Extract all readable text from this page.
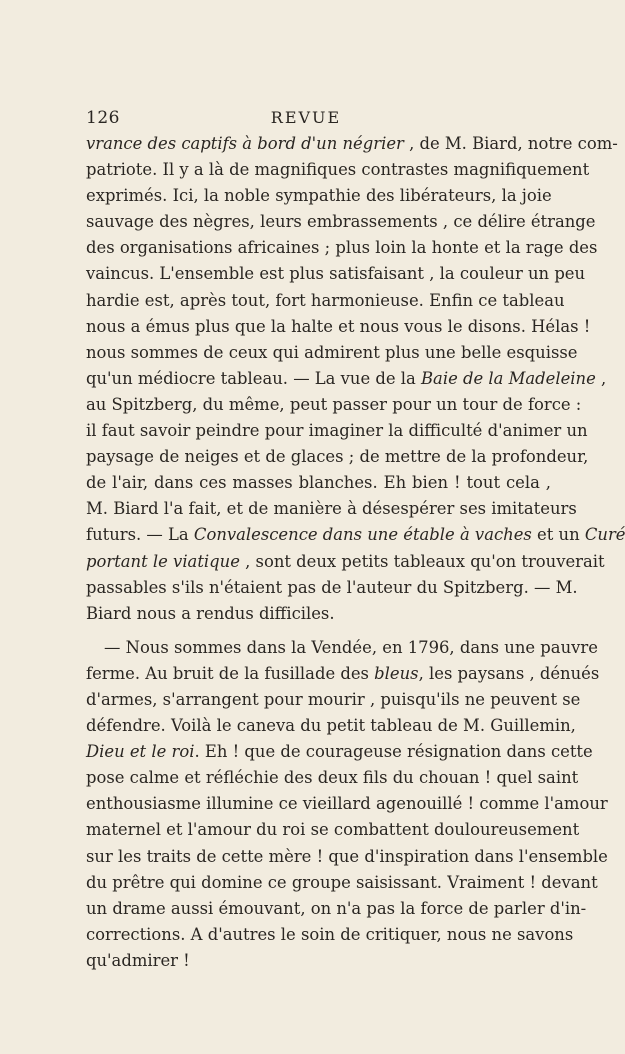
126	REVUE
vrance des captifs à bord d'un négrier , de M. Biard, notre com-
patriote. Il y a là de magnifiques contrastes magnifiquement
exprimés. Ici, la noble sympathie des libérateurs, la joie
sauvage des nègres, leurs embrassements , ce délire étrange
des organisations africaines ; plus loin la honte et la rage des
vaincus. L'ensemble est plus satisfaisant , la couleur un peu
hardie est, après tout, fort harmonieuse. Enfin ce tableau
nous a émus plus que la halte et nous vous le disons. Hélas !
nous sommes de ceux qui admirent plus une belle esquisse
qu'un médiocre tableau. — La vue de la Baie de la Madeleine ,
au Spitzberg, du même, peut passer pour un tour de force :
il faut savoir peindre pour imaginer la difficulté d'animer un
paysage de neiges et de glaces ; de mettre de la profondeur,
de l'air, dans ces masses blanches. Eh bien ! tout cela ,
M. Biard l'a fait, et de manière à désespérer ses imitateurs
futurs. — La Convalescence dans une étable à vaches et un Curé
portant le viatique , sont deux petits tableaux qu'on trouverait
passables s'ils n'étaient pas de l'auteur du Spitzberg. — M.
Biard nous a rendus difficiles.
— Nous sommes dans la Vendée, en 1796, dans une pauvre
ferme. Au bruit de la fusillade des bleus, les paysans , dénués
d'armes, s'arrangent pour mourir , puisqu'ils ne peuvent se
défendre. Voilà le caneva du petit tableau de M. Guillemin,
Dieu et le roi. Eh ! que de courageuse résignation dans cette
pose calme et réfléchie des deux fils du chouan ! quel saint
enthousiasme illumine ce vieillard agenouillé ! comme l'amour
maternel et l'amour du roi se combattent douloureusement
sur les traits de cette mère ! que d'inspiration dans l'ensemble
du prêtre qui domine ce groupe saisissant. Vraiment ! devant
un drame aussi émouvant, on n'a pas la force de parler d'in-
corrections. A d'autres le soin de critiquer, nous ne savons
qu'admirer !
